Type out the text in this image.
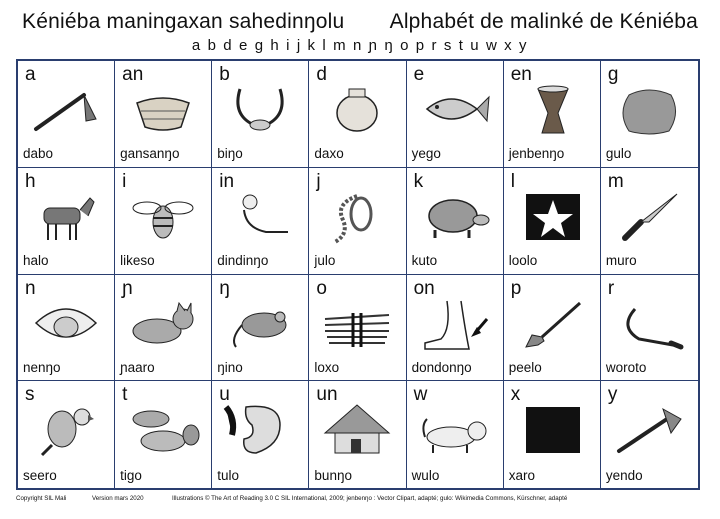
Kéniéba maningaxan sahedinŋolu Alphabét de malinké de Kéniéba
a b d e g h i j k l m n ɲ ŋ o p r s t u w x y
a
dabo
an
gansanŋo
b
biŋo
d
daxo
e
yego
en
jenbenŋo
g
gulo
h
halo
i
likeso
in
dindinŋo
j
julo
k
kuto
l
loolo
m
muro
n
nenŋo
ɲ
ɲaaro
ŋ
ŋino
o
loxo
on
dondonŋo
p
peelo
r
woroto
s
seero
t
tigo
u
tulo
un
bunŋo
w
wulo
x
xaro
y
yendo
Copyright SIL Mali	Version mars 2020	Illustrations © The Art of Reading 3.0 C SIL International, 2009; jenbenŋo : Vector Clipart, adapté; gulo: Wikimedia Commons, Kürschner, adapté
